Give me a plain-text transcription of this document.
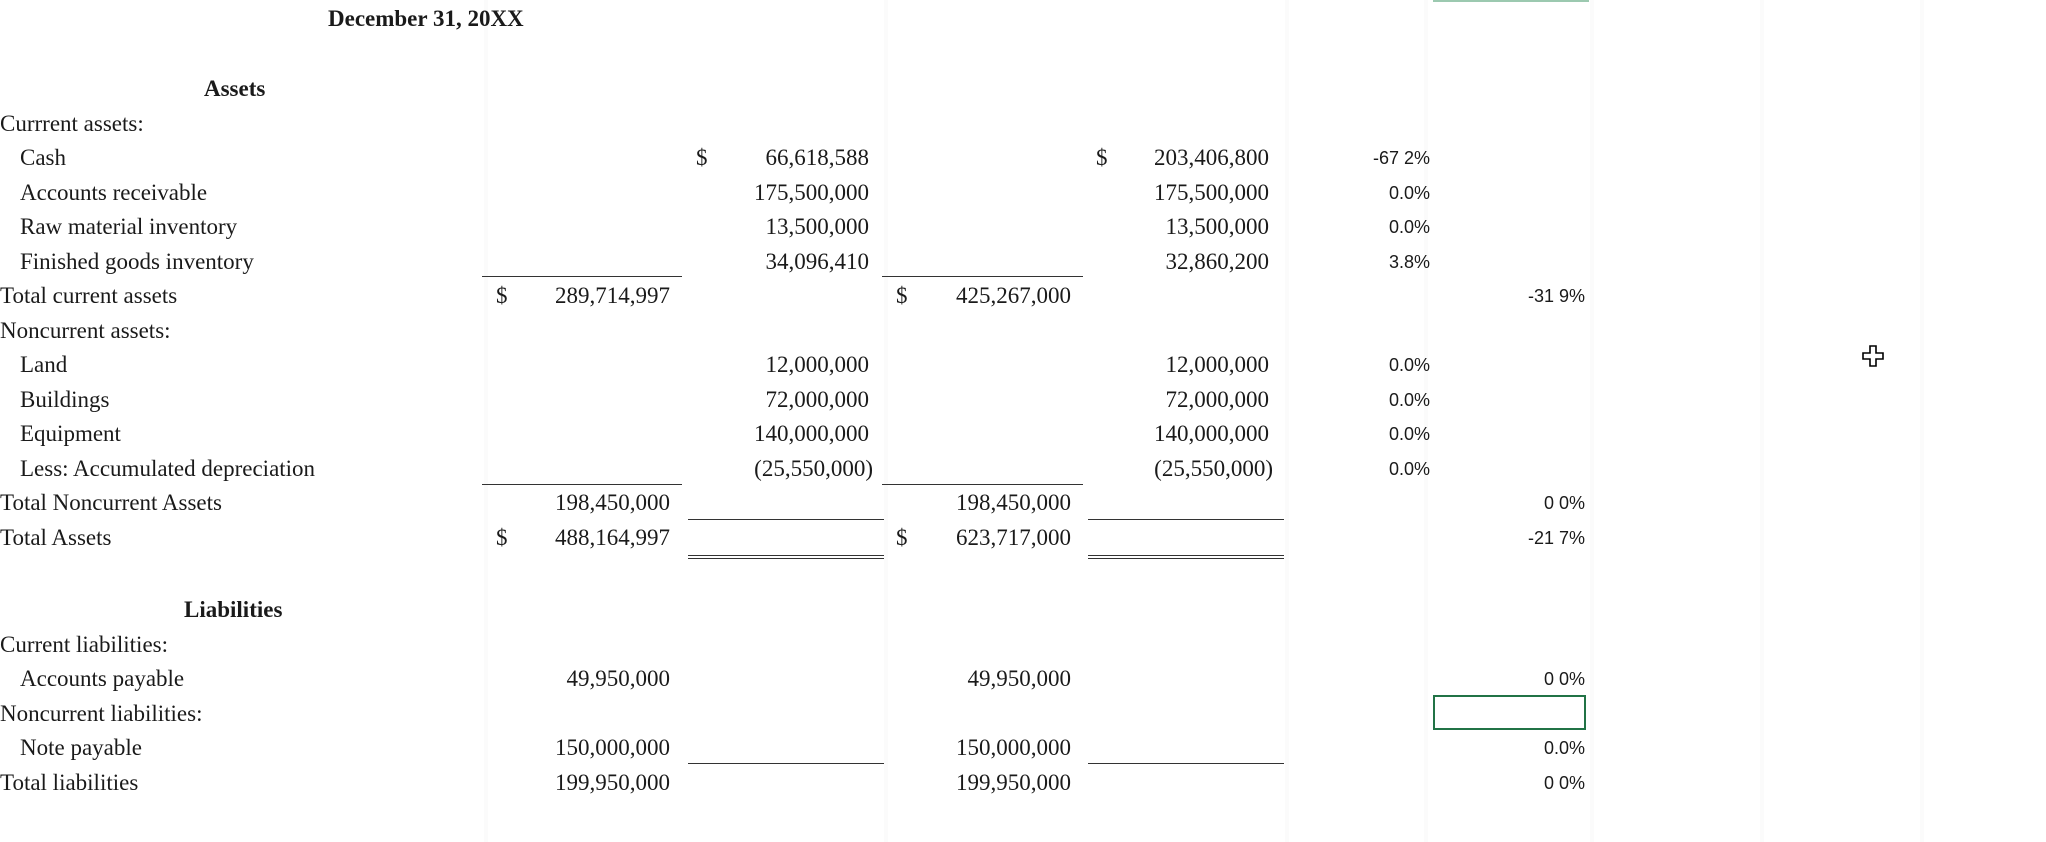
December 31, 20XX
Assets
Currrent assets:
Cash	$	66,618,588	$	203,406,800	-67 2%
Accounts receivable	175,500,000	175,500,000	0.0%
Raw material inventory	13,500,000	13,500,000	0.0%
Finished goods inventory	34,096,410	32,860,200	3.8%
Total current assets	$	289,714,997	$	425,267,000	-31 9%
Noncurrent assets:
Land	12,000,000	12,000,000	0.0%
Buildings	72,000,000	72,000,000	0.0%
Equipment	140,000,000	140,000,000	0.0%
Less: Accumulated depreciation	(25,550,000)	(25,550,000)	0.0%
Total Noncurrent Assets	198,450,000	198,450,000	0 0%
Total Assets	$	488,164,997	$	623,717,000	-21 7%
Liabilities
Current liabilities:
Accounts payable	49,950,000	49,950,000	0 0%
Noncurrent liabilities:
Note payable	150,000,000	150,000,000	0.0%
Total liabilities	199,950,000	199,950,000	0 0%
